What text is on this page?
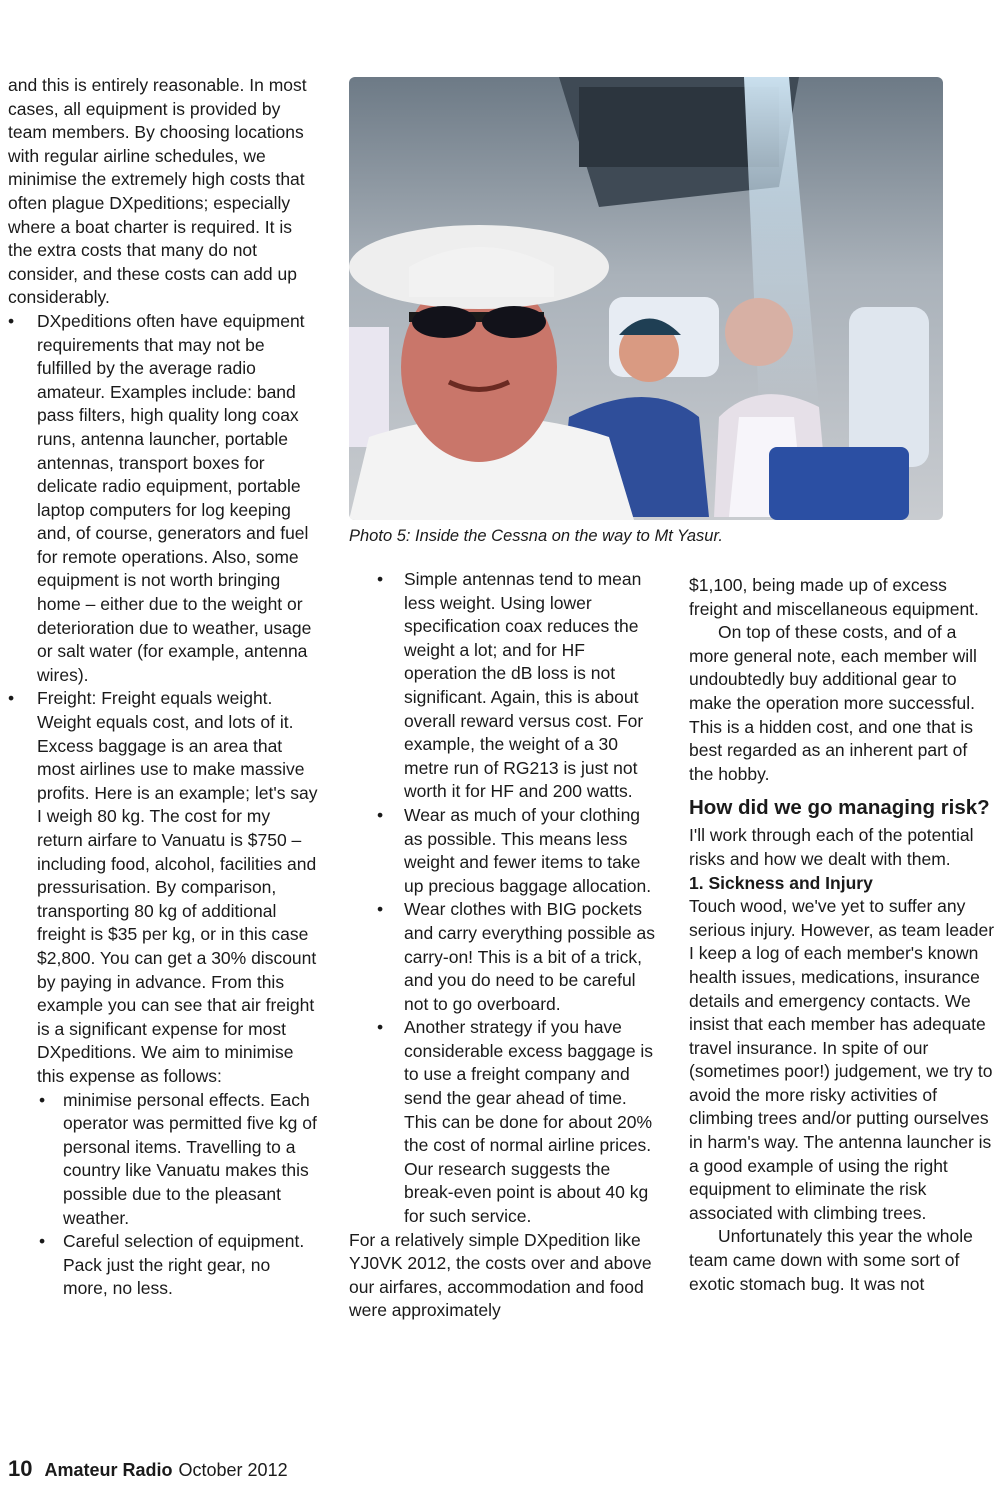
and this is entirely reasonable. In most cases, all equipment is provided by team members. By choosing locations with regular airline schedules, we minimise the extremely high costs that often plague DXpeditions; especially where a boat charter is required. It is the extra costs that many do not consider, and these costs can add up considerably.

• DXpeditions often have equipment requirements that may not be fulfilled by the average radio amateur. Examples include: band pass filters, high quality long coax runs, antenna launcher, portable antennas, transport boxes for delicate radio equipment, portable laptop computers for log keeping and, of course, generators and fuel for remote operations. Also, some equipment is not worth bringing home – either due to the weight or deterioration due to weather, usage or salt water (for example, antenna wires).
• Freight: Freight equals weight. Weight equals cost, and lots of it. Excess baggage is an area that most airlines use to make massive profits. Here is an example; let's say I weigh 80 kg. The cost for my return airfare to Vanuatu is $750 – including food, alcohol, facilities and pressurisation. By comparison, transporting 80 kg of additional freight is $35 per kg, or in this case $2,800. You can get a 30% discount by paying in advance. From this example you can see that air freight is a significant expense for most DXpeditions. We aim to minimise this expense as follows:
• minimise personal effects. Each operator was permitted five kg of personal items. Travelling to a country like Vanuatu makes this possible due to the pleasant weather.
• Careful selection of equipment. Pack just the right gear, no more, no less.
Photo 5: Inside the Cessna on the way to Mt Yasur.
• Simple antennas tend to mean less weight. Using lower specification coax reduces the weight a lot; and for HF operation the dB loss is not significant. Again, this is about overall reward versus cost. For example, the weight of a 30 metre run of RG213 is just not worth it for HF and 200 watts.
• Wear as much of your clothing as possible. This means less weight and fewer items to take up precious baggage allocation.
• Wear clothes with BIG pockets and carry everything possible as carry-on! This is a bit of a trick, and you do need to be careful not to go overboard.
• Another strategy if you have considerable excess baggage is to use a freight company and send the gear ahead of time. This can be done for about 20% the cost of normal airline prices. Our research suggests the break-even point is about 40 kg for such service.

For a relatively simple DXpedition like YJ0VK 2012, the costs over and above our airfares, accommodation and food were approximately

$1,100, being made up of excess freight and miscellaneous equipment.

On top of these costs, and of a more general note, each member will undoubtedly buy additional gear to make the operation more successful. This is a hidden cost, and one that is best regarded as an inherent part of the hobby.

How did we go managing risk?

I'll work through each of the potential risks and how we dealt with them.

1. Sickness and Injury

Touch wood, we've yet to suffer any serious injury. However, as team leader I keep a log of each member's known health issues, medications, insurance details and emergency contacts. We insist that each member has adequate travel insurance. In spite of our (sometimes poor!) judgement, we try to avoid the more risky activities of climbing trees and/or putting ourselves in harm's way. The antenna launcher is a good example of using the right equipment to eliminate the risk associated with climbing trees.

Unfortunately this year the whole team came down with some sort of exotic stomach bug. It was not

10 Amateur Radio October 2012
